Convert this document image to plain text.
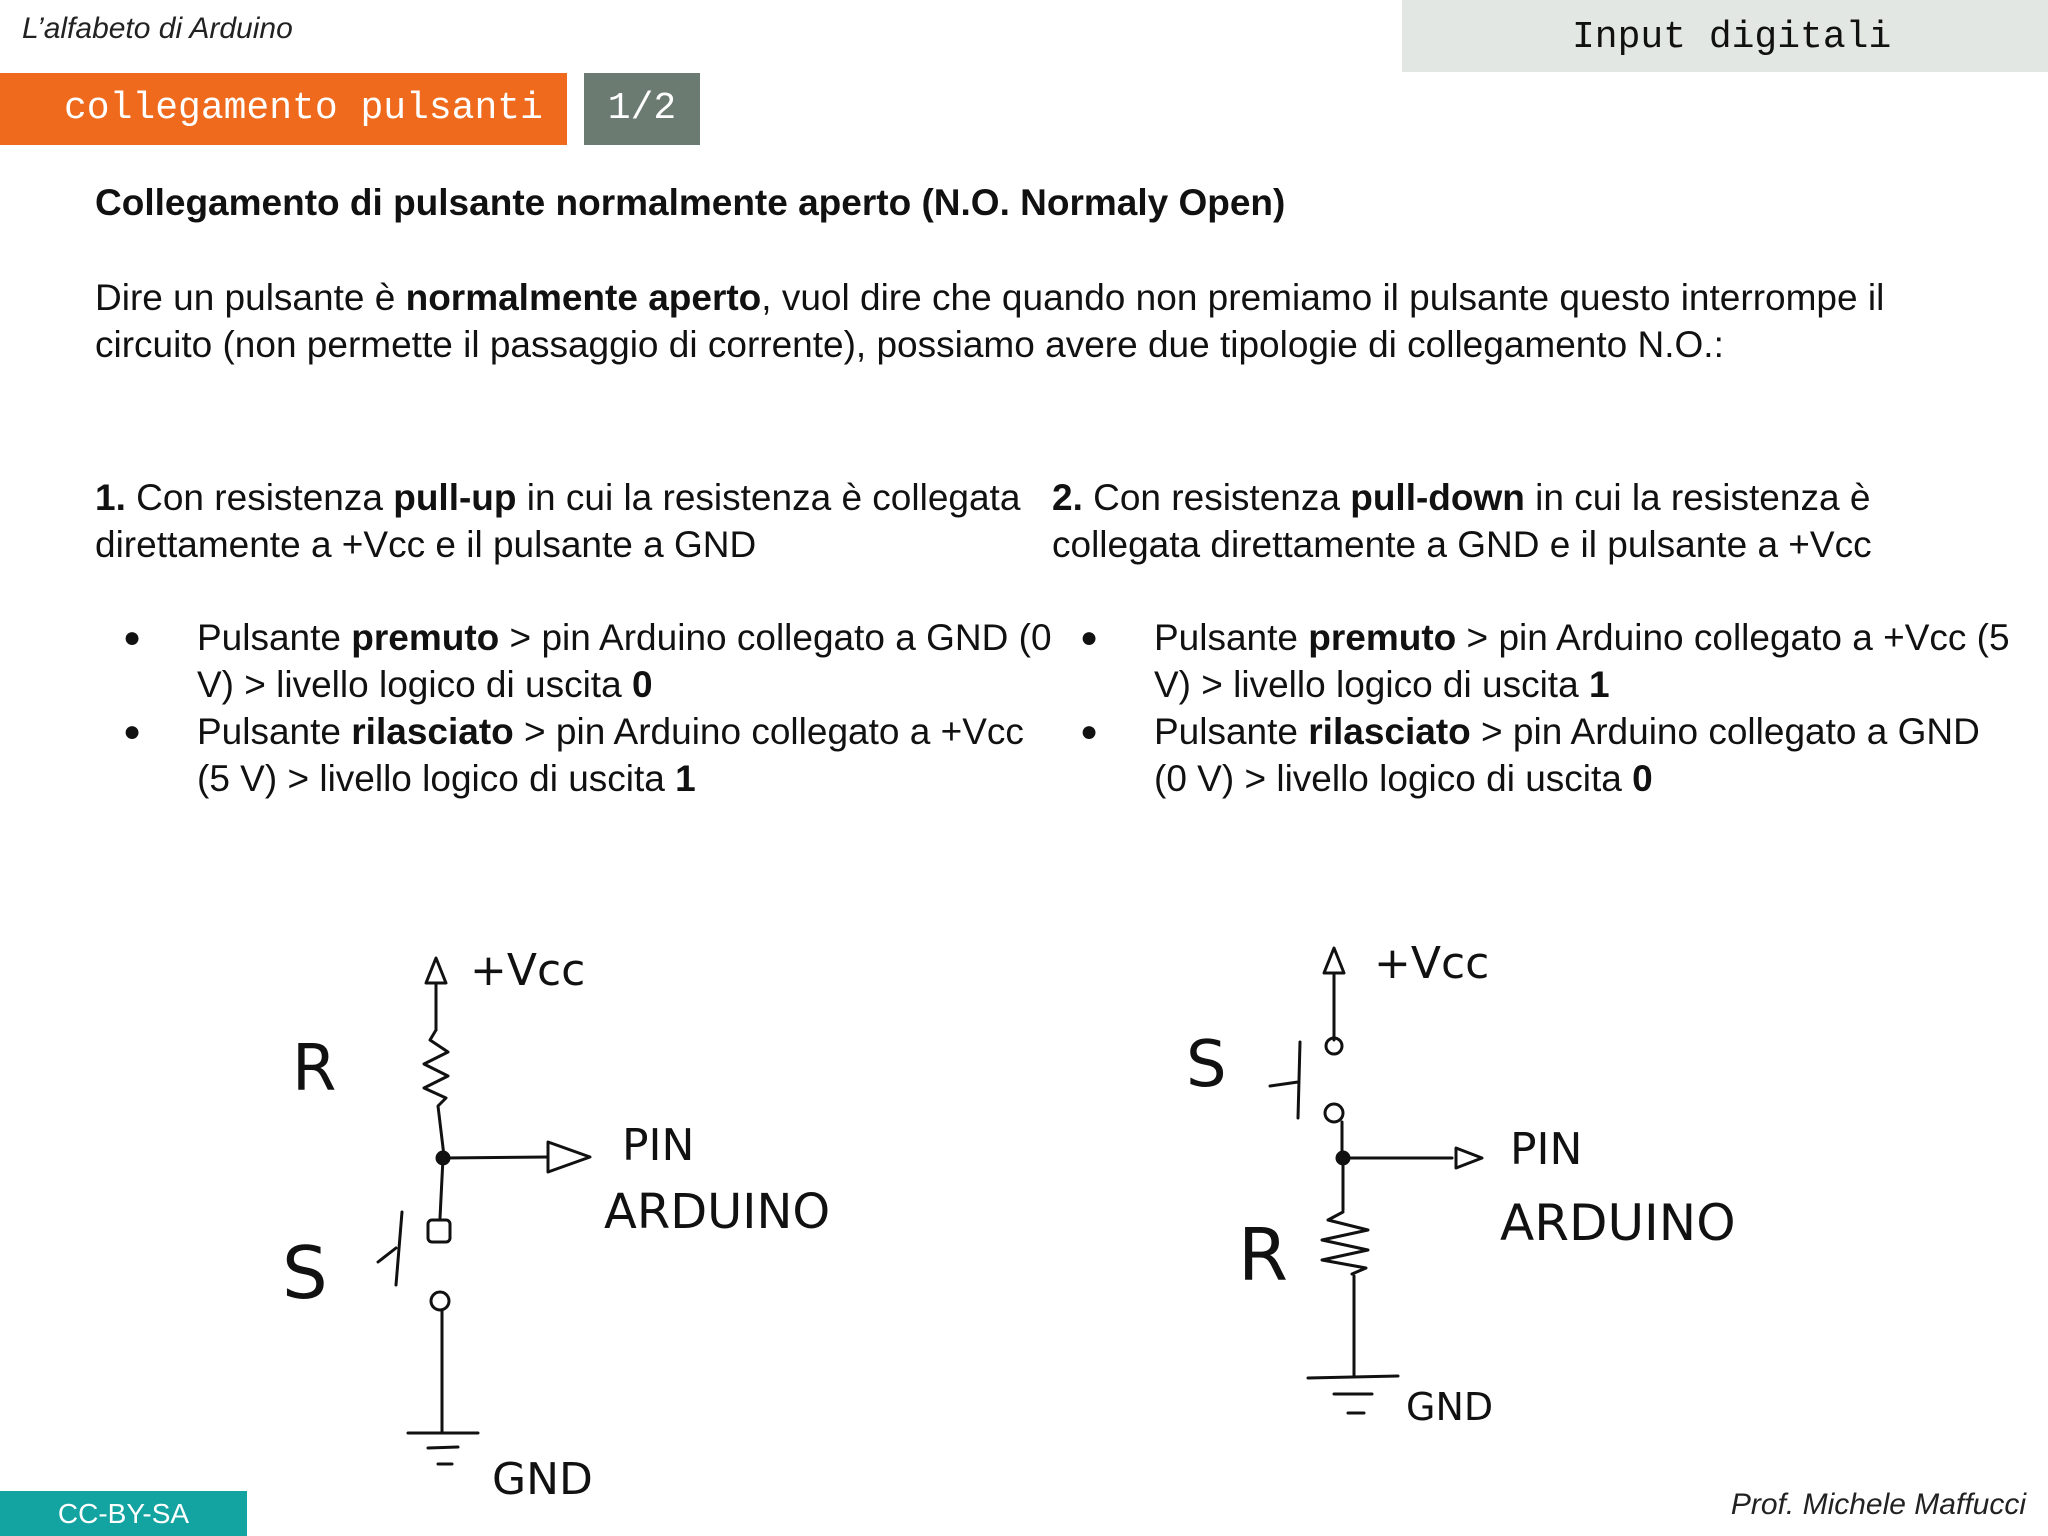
L’alfabeto di Arduino	Input digitali
collegamento pulsanti	1/2
Collegamento di pulsante normalmente aperto (N.O. Normaly Open)

Dire un pulsante è normalmente aperto, vuol dire che quando non premiamo il pulsante questo interrompe il circuito (non permette il passaggio di corrente), possiamo avere due tipologie di collegamento N.O.:

1. Con resistenza pull-up in cui la resistenza è collegata direttamente a +Vcc e il pulsante a GND

● Pulsante premuto > pin Arduino collegato a GND (0 V) > livello logico di uscita 0
● Pulsante rilasciato > pin Arduino collegato a +Vcc (5 V) > livello logico di uscita 1

2. Con resistenza pull-down in cui la resistenza è collegata direttamente a GND e il pulsante a +Vcc

● Pulsante premuto > pin Arduino collegato a +Vcc (5 V) > livello logico di uscita 1
● Pulsante rilasciato > pin Arduino collegato a GND (0 V) > livello logico di uscita 0
+Vcc
R
S
PIN
ARDUINO
GND
+Vcc
R
S
PIN
ARDUINO
GND
CC-BY-SA	Prof. Michele Maffucci
